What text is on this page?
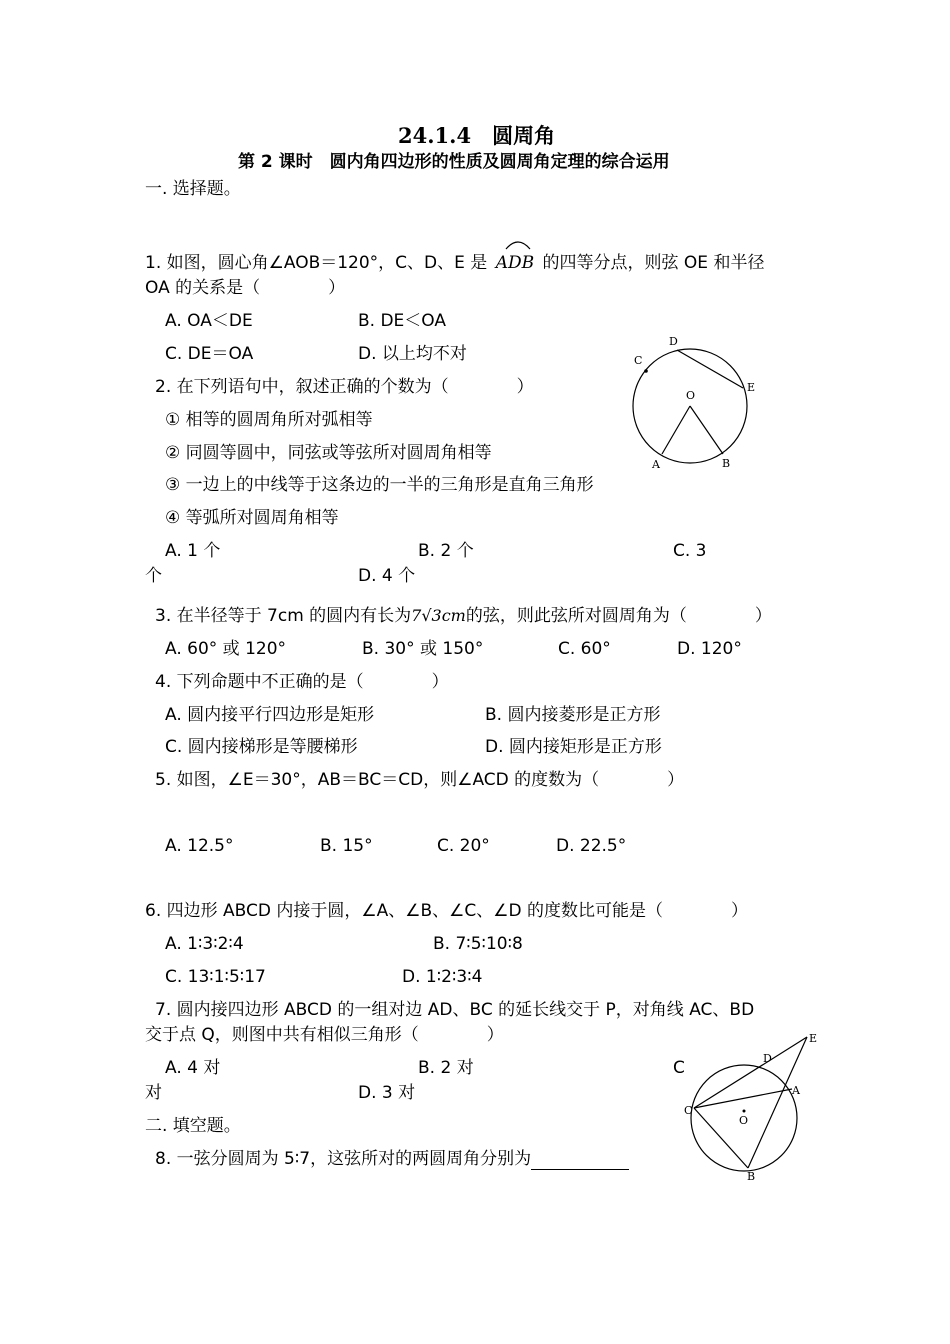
24.1.4　圆周角
第 2 课时　圆内角四边形的性质及圆周角定理的综合运用
一. 选择题。
1. 如图，圆心角∠AOB＝120°，C、D、E 是 ADB 的四等分点，则弦 OE 和半径
OA 的关系是（　　　　）
A. OA＜DE	B. DE＜OA
C. DE＝OA	D. 以上均不对
2. 在下列语句中，叙述正确的个数为（　　　　）
① 相等的圆周角所对弧相等
② 同圆等圆中，同弦或等弦所对圆周角相等
③ 一边上的中线等于这条边的一半的三角形是直角三角形
④ 等弧所对圆周角相等
A. 1 个	B. 2 个	C. 3
个	D. 4 个
3. 在半径等于 7cm 的圆内有长为7√3cm的弦，则此弦所对圆周角为（　　　　）
A. 60° 或 120°	B. 30° 或 150°	C. 60°	D. 120°
4. 下列命题中不正确的是（　　　　）
A. 圆内接平行四边形是矩形	B. 圆内接菱形是正方形
C. 圆内接梯形是等腰梯形	D. 圆内接矩形是正方形
5. 如图，∠E＝30°，AB＝BC＝CD，则∠ACD 的度数为（　　　　）
A. 12.5°	B. 15°	C. 20°	D. 22.5°
6. 四边形 ABCD 内接于圆，∠A、∠B、∠C、∠D 的度数比可能是（　　　　）
A. 1∶3∶2∶4	B. 7∶5∶10∶8
C. 13∶1∶5∶17	D. 1∶2∶3∶4
7. 圆内接四边形 ABCD 的一组对边 AD、BC 的延长线交于 P，对角线 AC、BD
交于点 Q，则图中共有相似三角形（　　　　）
A. 4 对	B. 2 对	C
对	D. 3 对
二. 填空题。
8. 一弦分圆周为 5∶7，这弦所对的两圆周角分别为
D
C
E
O
A	B
E
D
A
C
O
B
